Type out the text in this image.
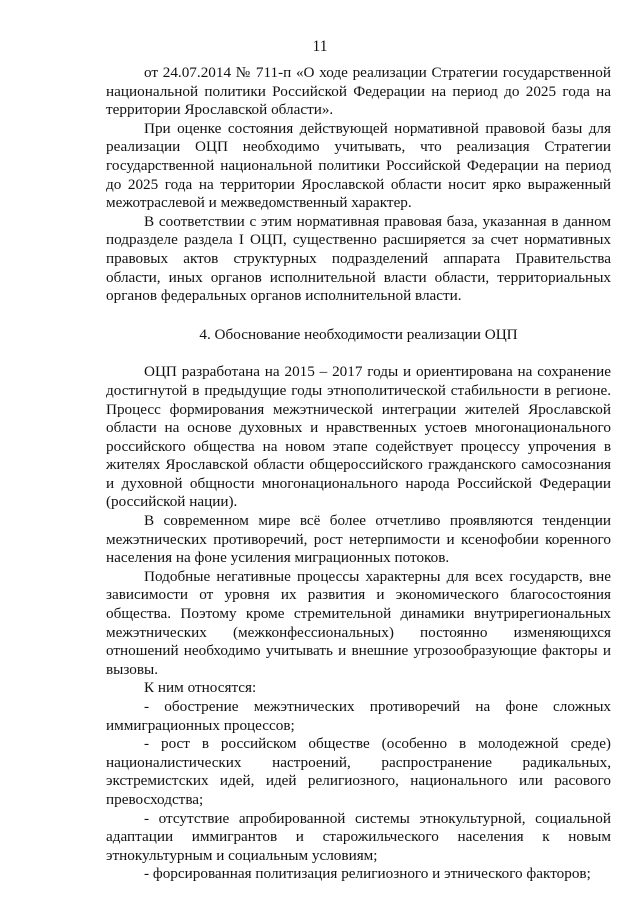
11

от 24.07.2014 № 711-п «О ходе реализации Стратегии государственной национальной политики Российской Федерации на период до 2025 года на территории Ярославской области».

При оценке состояния действующей нормативной правовой базы для реализации ОЦП необходимо учитывать, что реализация Стратегии государственной национальной политики Российской Федерации на период до 2025 года на территории Ярославской области носит ярко выраженный межотраслевой и межведомственный характер.

В соответствии с этим нормативная правовая база, указанная в данном подразделе раздела I ОЦП, существенно расширяется за счет нормативных правовых актов структурных подразделений аппарата Правительства области, иных органов исполнительной власти области, территориальных органов федеральных органов исполнительной власти.

4. Обоснование необходимости реализации ОЦП

ОЦП разработана на 2015 – 2017 годы и ориентирована на сохранение достигнутой в предыдущие годы этнополитической стабильности в регионе. Процесс формирования межэтнической интеграции жителей Ярославской области на основе духовных и нравственных устоев многонационального российского общества на новом этапе содействует процессу упрочения в жителях Ярославской области общероссийского гражданского самосознания и духовной общности многонационального народа Российской Федерации (российской нации).

В современном мире всё более отчетливо проявляются тенденции межэтнических противоречий, рост нетерпимости и ксенофобии коренного населения на фоне усиления миграционных потоков.

Подобные негативные процессы характерны для всех государств, вне зависимости от уровня их развития и экономического благосостояния общества. Поэтому кроме стремительной динамики внутрирегиональных межэтнических (межконфессиональных) постоянно изменяющихся отношений необходимо учитывать и внешние угрозообразующие факторы и вызовы.

К ним относятся:

- обострение межэтнических противоречий на фоне сложных иммиграционных процессов;

- рост в российском обществе (особенно в молодежной среде) националистических настроений, распространение радикальных, экстремистских идей, идей религиозного, национального или расового превосходства;

- отсутствие апробированной системы этнокультурной, социальной адаптации иммигрантов и старожильческого населения к новым этнокультурным и социальным условиям;

- форсированная политизация религиозного и этнического факторов;
